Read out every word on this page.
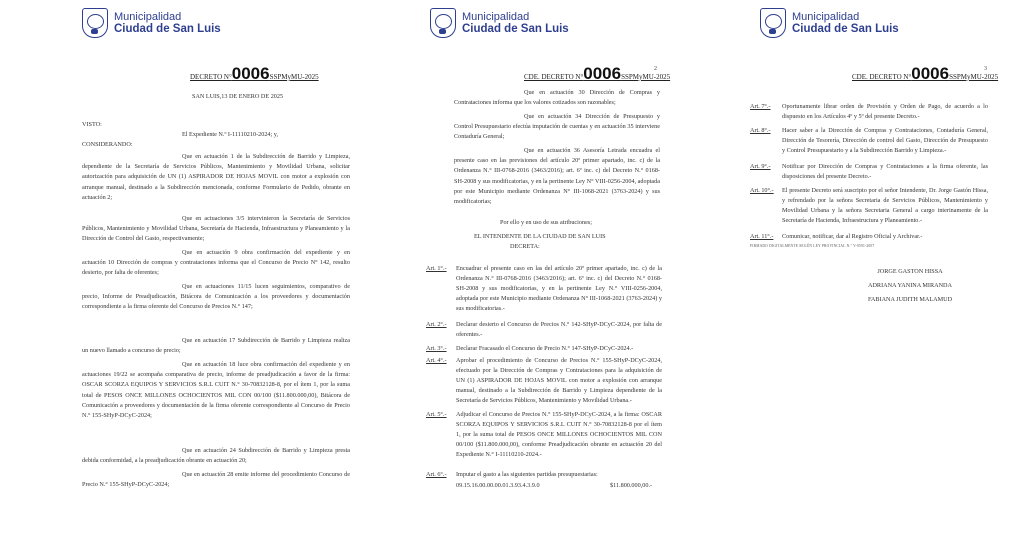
Municipalidad
Ciudad de San Luis
DECRETO N°0006SSPMyMU-2025
SAN LUIS,13 DE ENERO DE 2025
VISTO:
El Expediente N.º I-11110210-2024; y,
CONSIDERANDO:
Que en actuación 1 de la Subdirección de Barrido y Limpieza, dependiente de la Secretaría de Servicios Públicos, Mantenimiento y Movilidad Urbana, solicitar autorización para adquisición de UN (1) ASPIRADOR DE HOJAS MOVIL con motor a explosión con arranque manual, destinado a la Subdirección mencionada, conforme Formulario de Pedido, obrante en actuación 2;
Que en actuaciones 3/5 intervinieron la Secretaría de Servicios Públicos, Mantenimiento y Movilidad Urbana, Secretaría de Hacienda, Infraestructura y Planeamiento y la Dirección de Control del Gasto, respectivamente;
Que en actuación 9 obra confirmación del expediente y en actuación 10 Dirección de compras y contrataciones informa que el Concurso de Precio N° 142, resulto desierto, por falta de oferentes;
Que en actuaciones 11/15 lucen seguimientos, comparativo de precio, Informe de Preadjudicación, Bitácora de Comunicación a los proveedores y documentación correspondiente a la firma oferente del Concurso de Precios N.° 147;
Que en actuación 17 Subdirección de Barrido y Limpieza realiza un nuevo llamado a concurso de precio;
Que en actuación 18 luce obra confirmación del expediente y en actuaciones 19/22 se acompaña comparativa de precio, informe de preadjudicación a favor de la firma: OSCAR SCORZA EQUIPOS Y SERVICIOS S.R.L CUIT N.° 30-70832128-8, por el ítem 1, por la suma total de PESOS ONCE MILLONES OCHOCIENTOS MIL CON 00/100 ($11.800.000,00), Bitácora de Comunicación a proveedores y documentación de la firma oferente correspondiente al Concurso de Precio N.° 155-SHyP-DCyC-2024;
Que en actuación 24 Subdirección de Barrido y Limpieza presta debida conformidad, a la preadjudicación obrante en actuación 20;
Que en actuación 28 emite informe del procedimiento Concurso de Precio N.° 155-SHyP-DCyC-2024;
Municipalidad
Ciudad de San Luis
2
CDE. DECRETO N°0006SSPMyMU-2025
Que en actuación 30 Dirección de Compras y Contrataciones informa que los valores cotizados son razonables;
Que en actuación 34 Dirección de Presupuesto y Control Presupuestario efectúa imputación de cuentas y en actuación 35 interviene Contaduría General;
Que en actuación 36 Asesoría Letrada encuadra el presente caso en las previsiones del artículo 20º primer apartado, inc. c) de la Ordenanza N.° III-0768-2016 (3463/2016); art. 6º inc. c) del Decreto N.° 0168-SH-2008 y sus modificatorias, y en la pertinente Ley N° VIII-0256-2004, adoptada por este Municipio mediante Ordenanza N° III-1068-2021 (3763-2024) y sus modificatorias;
Por ello y en uso de sus atribuciones;
EL INTENDENTE DE LA CIUDAD DE SAN LUIS
DECRETA:
Art. 1°.- Encuadrar el presente caso en las del artículo 20º primer apartado, inc. c) de la Ordenanza N.° III-0768-2016 (3463/2016); art. 6º inc. c) del Decreto N.° 0168-SH-2008 y sus modificatorias, y en la pertinente Ley N.° VIII-0256-2004, adoptada por este Municipio mediante Ordenanza N° III-1068-2021 (3763-2024) y sus modificatorias.-
Art. 2°.- Declarar desierto el Concurso de Precios N.° 142-SHyP-DCyC-2024, por falta de oferentes.-
Art. 3°.- Declarar Fracasado el Concurso de Precio N.° 147-SHyP-DCyC-2024.-
Art. 4°.- Aprobar el procedimiento de Concurso de Precios N.° 155-SHyP-DCyC-2024, efectuado por la Dirección de Compras y Contrataciones para la adquisición de UN (1) ASPIRADOR DE HOJAS MOVIL con motor a explosión con arranque manual, destinado a la Subdirección de Barrido y Limpieza dependiente de la Secretaría de Servicios Públicos, Mantenimiento y Movilidad Urbana.-
Art. 5°.- Adjudicar el Concurso de Precios N.° 155-SHyP-DCyC-2024, a la firma: OSCAR SCORZA EQUIPOS Y SERVICIOS S.R.L CUIT N.° 30-70832128-8 por el ítem 1, por la suma total de PESOS ONCE MILLONES OCHOCIENTOS MIL CON 00/100 ($11.800.000,00), conforme Preadjudicación obrante en actuación 20 del Expediente N.° I-11110210-2024.-
Art. 6°.- Imputar el gasto a las siguientes partidas presupuestarias:
09.15.16.00.00.00.01.3.93.4.3.9.0	$11.800.000,00.-
Municipalidad
Ciudad de San Luis
3
CDE. DECRETO N°0006SSPMyMU-2025
Art. 7°.- Oportunamente librar orden de Provisión y Orden de Pago, de acuerdo a lo dispuesto en los Artículos 4º y 5º del presente Decreto.-
Art. 8°.- Hacer saber a la Dirección de Compras y Contrataciones, Contaduría General, Dirección de Tesorería, Dirección de control del Gasto, Dirección de Presupuesto y Control Presupuestario y a la Subdirección Barrido y Limpieza.-
Art. 9°.- Notificar por Dirección de Compras y Contrataciones a la firma oferente, las disposiciones del presente Decreto.-
Art. 10°.- El presente Decreto será suscripto por el señor Intendente, Dr. Jorge Gastón Hissa, y refrendado por la señora Secretaria de Servicios Públicos, Mantenimiento y Movilidad Urbana y la señora Secretaria General a cargo interinamente de la Secretaría de Hacienda, Infraestructura y Planeamiento.-
Art. 11°.- Comunicar, notificar, dar al Registro Oficial y Archivar.-
FIRMADO DIGITALMENTE SEGÚN LEY PROVINCIAL N.° V-0591-2007
JORGE GASTON HISSA
ADRIANA YANINA MIRANDA
FABIANA JUDITH MALAMUD
